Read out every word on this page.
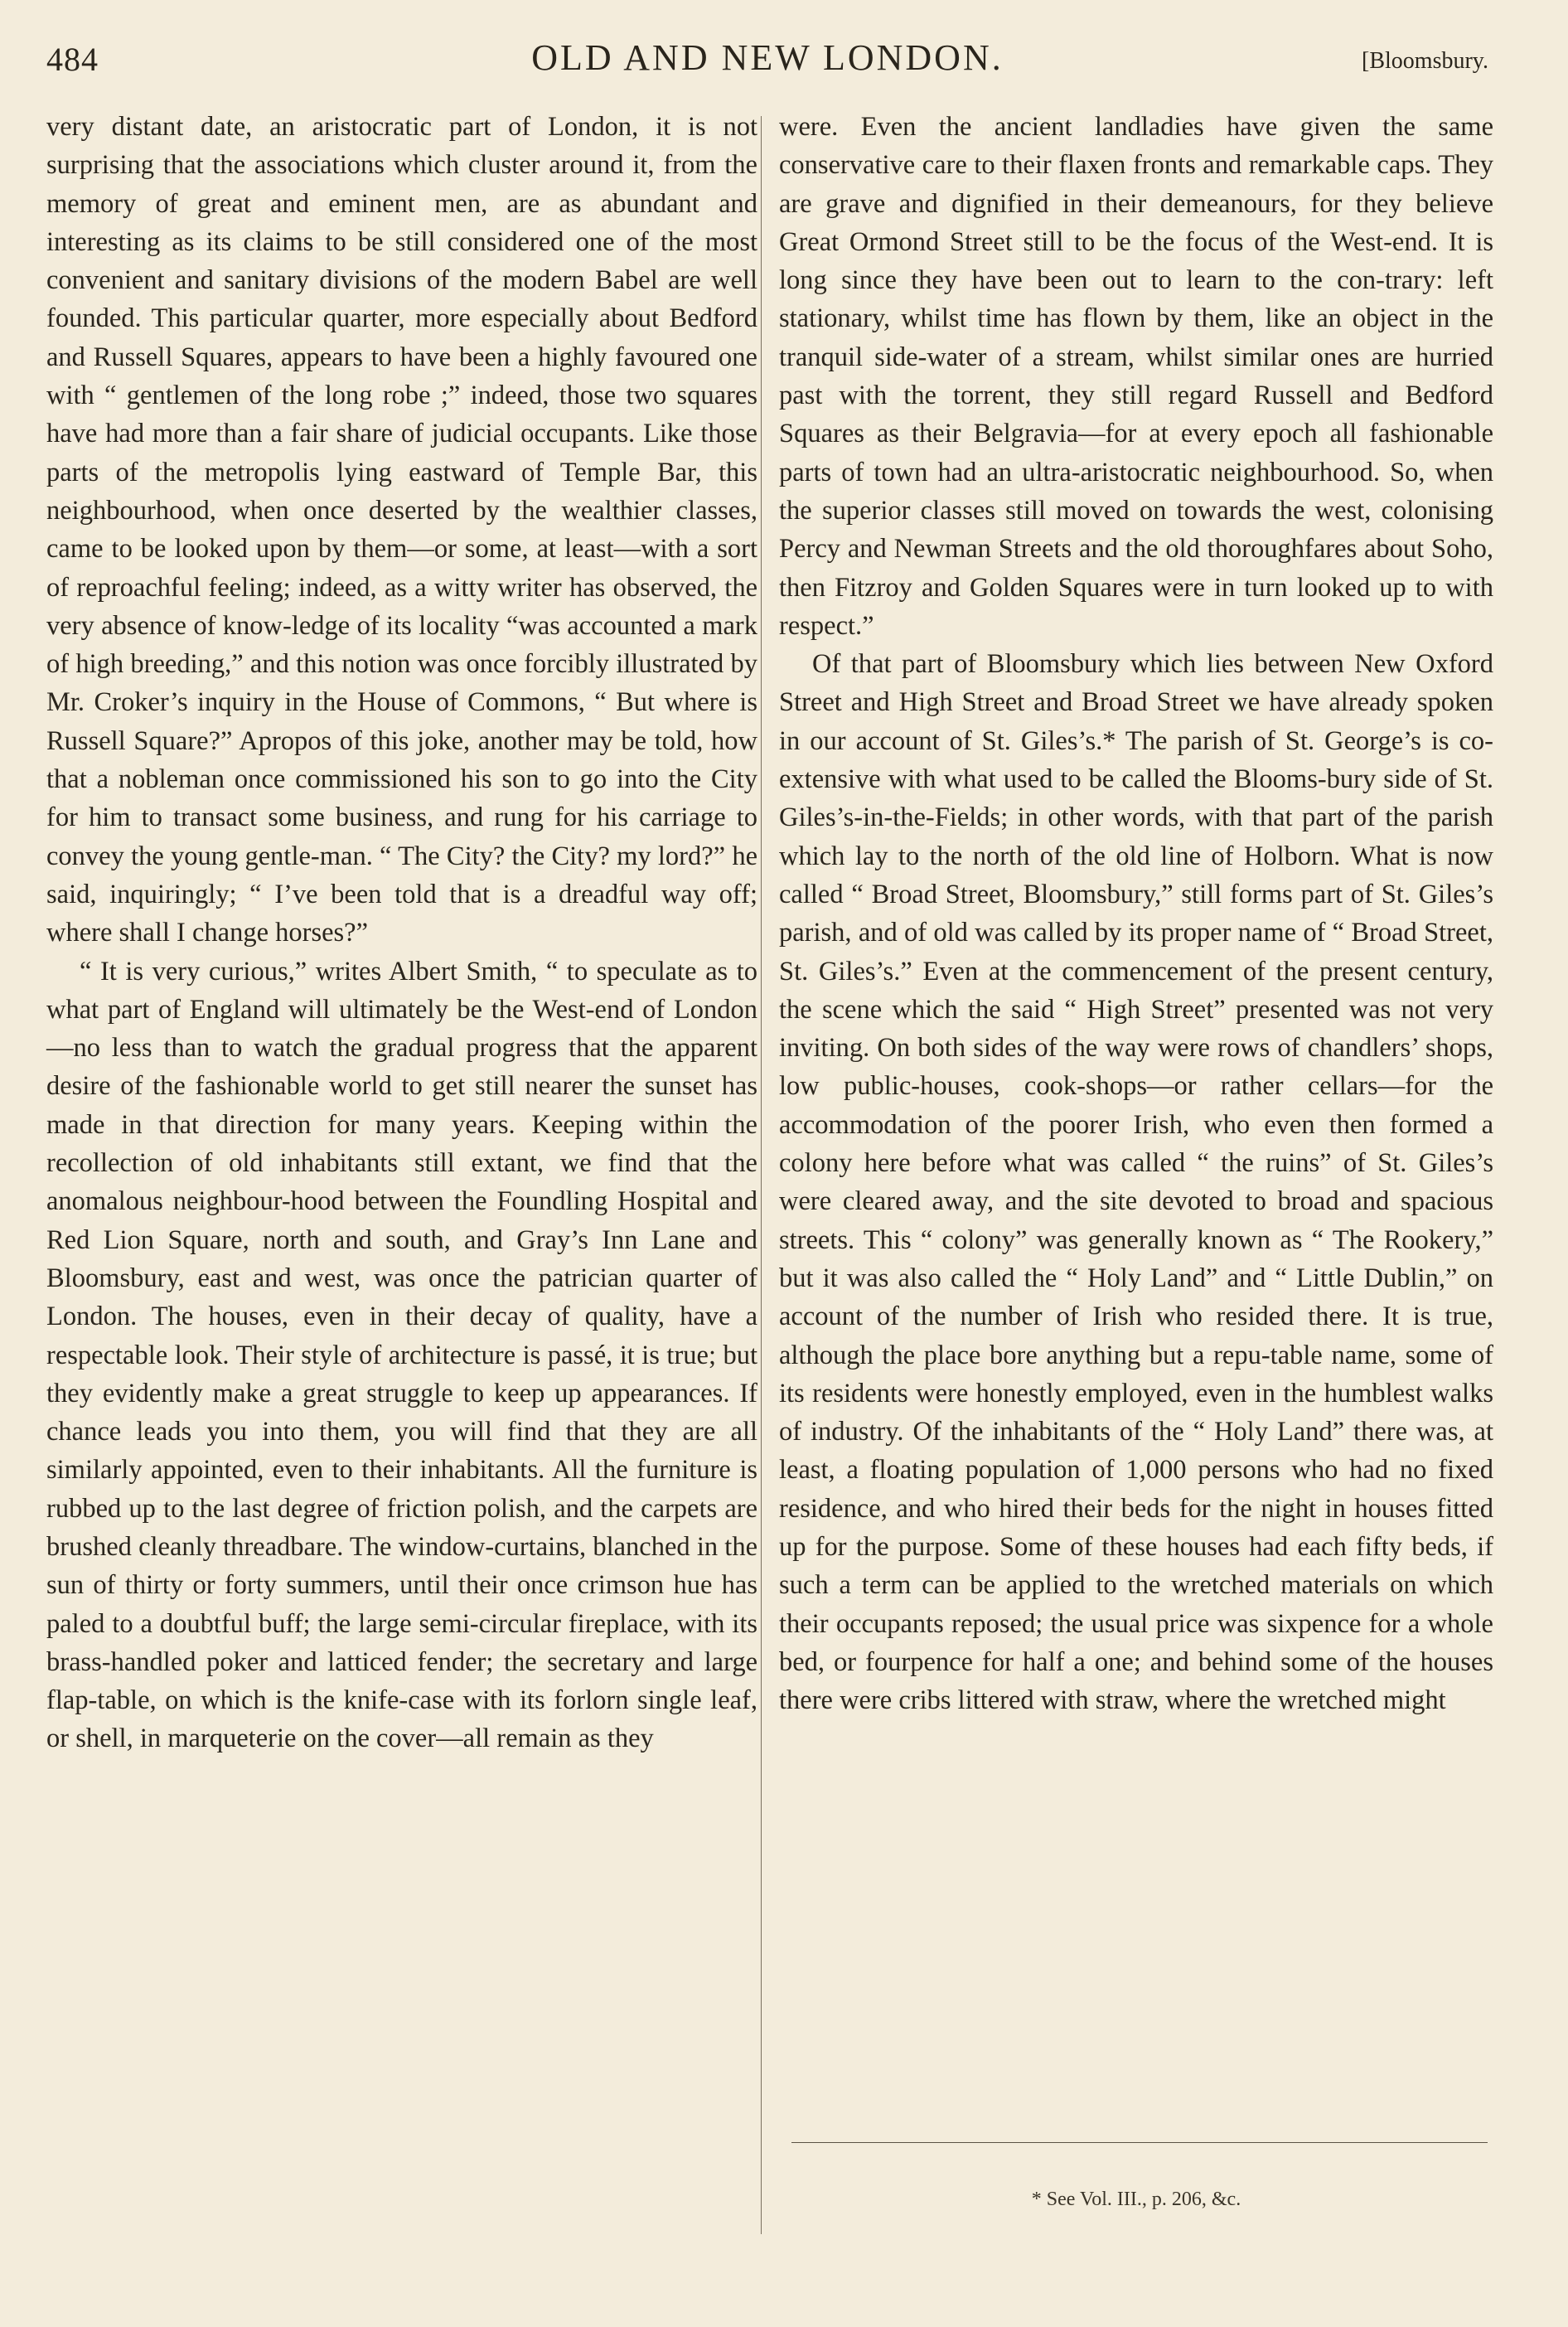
484	OLD AND NEW LONDON.	[Bloomsbury.

very distant date, an aristocratic part of London, it is not surprising that the associations which cluster around it, from the memory of great and eminent men, are as abundant and interesting as its claims to be still considered one of the most convenient and sanitary divisions of the modern Babel are well founded. This particular quarter, more especially about Bedford and Russell Squares, appears to have been a highly favoured one with “ gentlemen of the long robe ;” indeed, those two squares have had more than a fair share of judicial occupants. Like those parts of the metropolis lying eastward of Temple Bar, this neighbourhood, when once deserted by the wealthier classes, came to be looked upon by them—or some, at least—with a sort of reproachful feeling; indeed, as a witty writer has observed, the very absence of know-ledge of its locality “was accounted a mark of high breeding,” and this notion was once forcibly illustrated by Mr. Croker’s inquiry in the House of Commons, “ But where is Russell Square?” Apropos of this joke, another may be told, how that a nobleman once commissioned his son to go into the City for him to transact some business, and rung for his carriage to convey the young gentle-man. “ The City? the City? my lord?” he said, inquiringly; “ I’ve been told that is a dreadful way off; where shall I change horses?”

“ It is very curious,” writes Albert Smith, “ to speculate as to what part of England will ultimately be the West-end of London—no less than to watch the gradual progress that the apparent desire of the fashionable world to get still nearer the sunset has made in that direction for many years. Keeping within the recollection of old inhabitants still extant, we find that the anomalous neighbour-hood between the Foundling Hospital and Red Lion Square, north and south, and Gray’s Inn Lane and Bloomsbury, east and west, was once the patrician quarter of London. The houses, even in their decay of quality, have a respectable look. Their style of architecture is passé, it is true; but they evidently make a great struggle to keep up appearances. If chance leads you into them, you will find that they are all similarly appointed, even to their inhabitants. All the furniture is rubbed up to the last degree of friction polish, and the carpets are brushed cleanly threadbare. The window-curtains, blanched in the sun of thirty or forty summers, until their once crimson hue has paled to a doubtful buff; the large semi-circular fireplace, with its brass-handled poker and latticed fender; the secretary and large flap-table, on which is the knife-case with its forlorn single leaf, or shell, in marqueterie on the cover—all remain as they

were. Even the ancient landladies have given the same conservative care to their flaxen fronts and remarkable caps. They are grave and dignified in their demeanours, for they believe Great Ormond Street still to be the focus of the West-end. It is long since they have been out to learn to the con-trary: left stationary, whilst time has flown by them, like an object in the tranquil side-water of a stream, whilst similar ones are hurried past with the torrent, they still regard Russell and Bedford Squares as their Belgravia—for at every epoch all fashionable parts of town had an ultra-aristocratic neighbourhood. So, when the superior classes still moved on towards the west, colonising Percy and Newman Streets and the old thoroughfares about Soho, then Fitzroy and Golden Squares were in turn looked up to with respect.”

Of that part of Bloomsbury which lies between New Oxford Street and High Street and Broad Street we have already spoken in our account of St. Giles’s.* The parish of St. George’s is co-extensive with what used to be called the Blooms-bury side of St. Giles’s-in-the-Fields; in other words, with that part of the parish which lay to the north of the old line of Holborn. What is now called “ Broad Street, Bloomsbury,” still forms part of St. Giles’s parish, and of old was called by its proper name of “ Broad Street, St. Giles’s.” Even at the commencement of the present century, the scene which the said “ High Street” presented was not very inviting. On both sides of the way were rows of chandlers’ shops, low public-houses, cook-shops—or rather cellars—for the accommodation of the poorer Irish, who even then formed a colony here before what was called “ the ruins” of St. Giles’s were cleared away, and the site devoted to broad and spacious streets. This “ colony” was generally known as “ The Rookery,” but it was also called the “ Holy Land” and “ Little Dublin,” on account of the number of Irish who resided there. It is true, although the place bore anything but a repu-table name, some of its residents were honestly employed, even in the humblest walks of industry. Of the inhabitants of the “ Holy Land” there was, at least, a floating population of 1,000 persons who had no fixed residence, and who hired their beds for the night in houses fitted up for the purpose. Some of these houses had each fifty beds, if such a term can be applied to the wretched materials on which their occupants reposed; the usual price was sixpence for a whole bed, or fourpence for half a one; and behind some of the houses there were cribs littered with straw, where the wretched might

* See Vol. III., p. 206, &c.
